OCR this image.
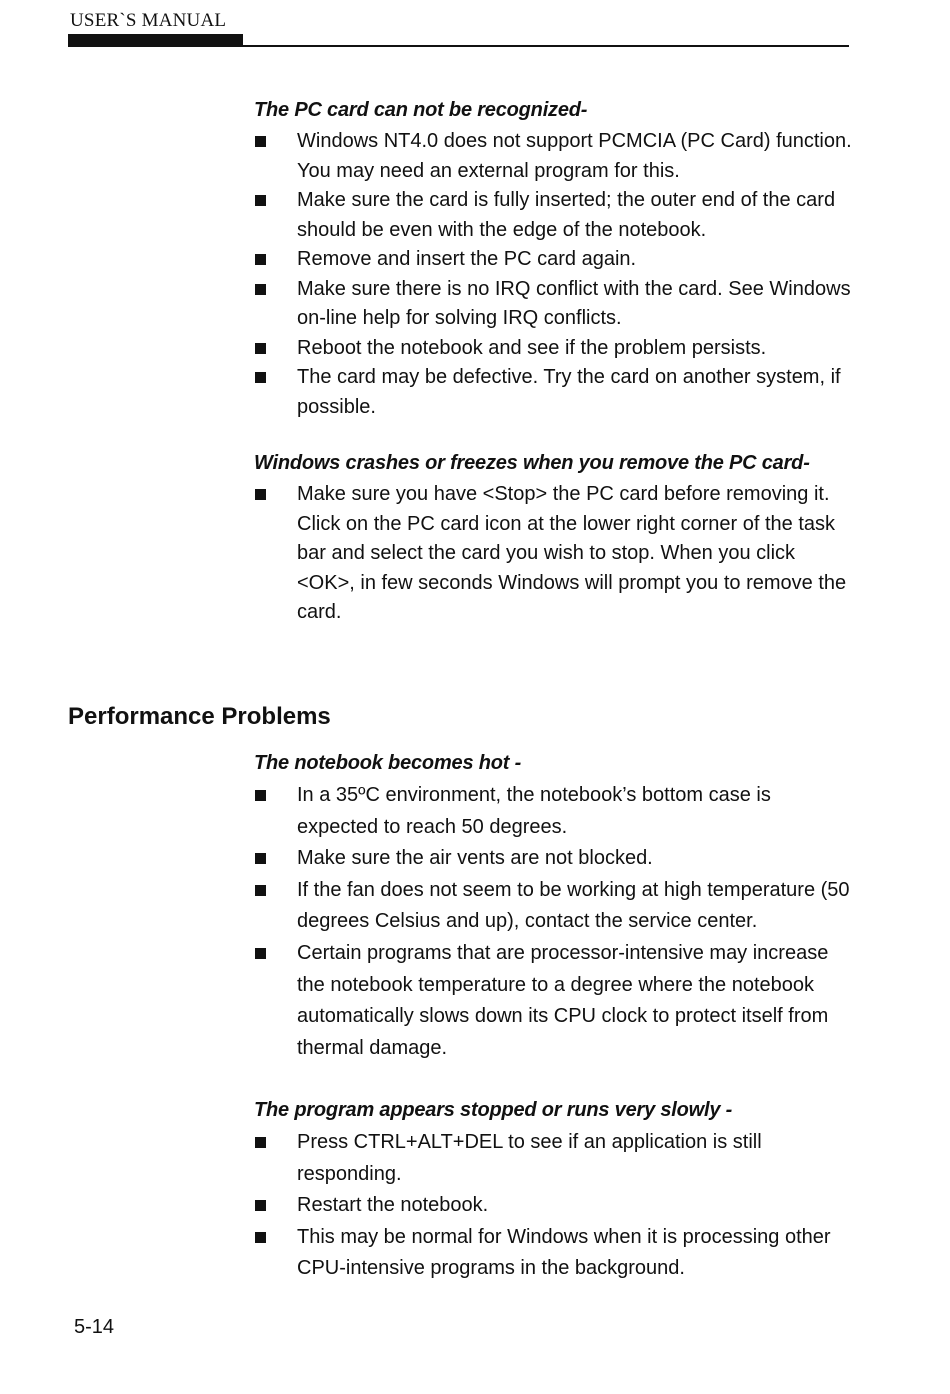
USER`S MANUAL
The PC card can not be recognized-
Windows NT4.0 does not support PCMCIA (PC Card) function. You may need an external program for this.
Make sure the card is fully inserted; the outer end of the card should be even with the edge of the notebook.
Remove and insert the PC card again.
Make sure there is no IRQ conflict with the card. See Windows on-line help for solving IRQ conflicts.
Reboot the notebook and see if the problem persists.
The card may be defective. Try the card on another system, if possible.
Windows crashes or freezes when you remove the PC card-
Make sure you have <Stop> the PC card before removing it. Click on the PC card icon at the lower right corner of the task bar and select the card you wish to stop. When you click <OK>, in few seconds Windows will prompt you to remove the card.
Performance Problems
The notebook becomes hot -
In a 35ºC environment, the notebook’s bottom case is expected to reach 50 degrees.
Make sure the air vents are not blocked.
If the fan does not seem to be working at high temperature (50 degrees Celsius and up), contact the service center.
Certain programs that are processor-intensive may increase the notebook temperature to a degree where the notebook automatically slows down its CPU clock to protect itself from thermal damage.
The program appears stopped or runs very slowly -
Press CTRL+ALT+DEL to see if an application is still responding.
Restart the notebook.
This may be normal for Windows when it is processing other CPU-intensive programs in the background.
5-14
